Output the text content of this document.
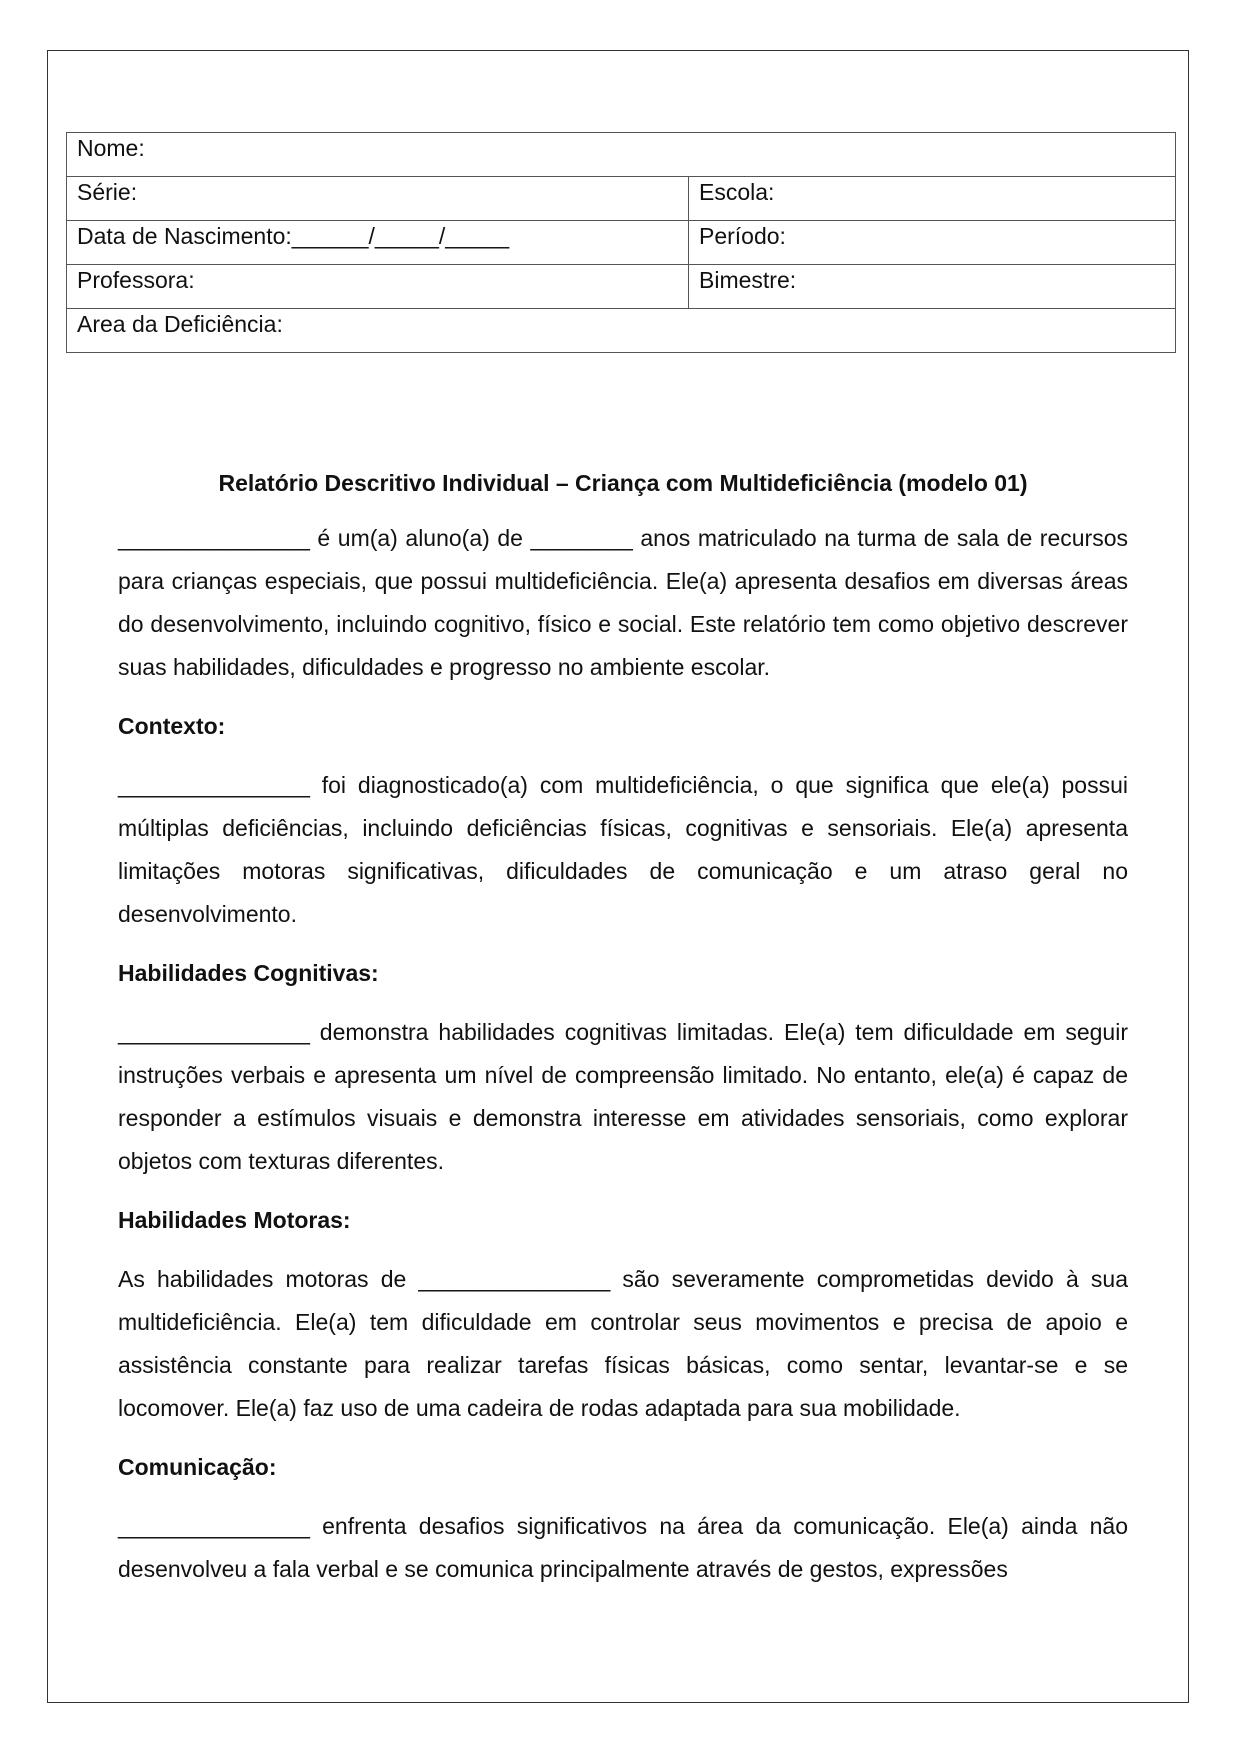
Nome:	
Série:	Escola:
Data de Nascimento:______/_____/_____	Período:
Professora:	Bimestre:
Area da Deficiência:	
Relatório Descritivo Individual – Criança com Multideficiência (modelo 01)

_______________ é um(a) aluno(a) de ________ anos matriculado na turma de sala de recursos para crianças especiais, que possui multideficiência. Ele(a) apresenta desafios em diversas áreas do desenvolvimento, incluindo cognitivo, físico e social. Este relatório tem como objetivo descrever suas habilidades, dificuldades e progresso no ambiente escolar.

Contexto:

_______________ foi diagnosticado(a) com multideficiência, o que significa que ele(a) possui múltiplas deficiências, incluindo deficiências físicas, cognitivas e sensoriais. Ele(a) apresenta limitações motoras significativas, dificuldades de comunicação e um atraso geral no desenvolvimento.

Habilidades Cognitivas:

_______________ demonstra habilidades cognitivas limitadas. Ele(a) tem dificuldade em seguir instruções verbais e apresenta um nível de compreensão limitado. No entanto, ele(a) é capaz de responder a estímulos visuais e demonstra interesse em atividades sensoriais, como explorar objetos com texturas diferentes.

Habilidades Motoras:

As habilidades motoras de _______________ são severamente comprometidas devido à sua multideficiência. Ele(a) tem dificuldade em controlar seus movimentos e precisa de apoio e assistência constante para realizar tarefas físicas básicas, como sentar, levantar-se e se locomover. Ele(a) faz uso de uma cadeira de rodas adaptada para sua mobilidade.

Comunicação:

_______________ enfrenta desafios significativos na área da comunicação. Ele(a) ainda não desenvolveu a fala verbal e se comunica principalmente através de gestos, expressões
